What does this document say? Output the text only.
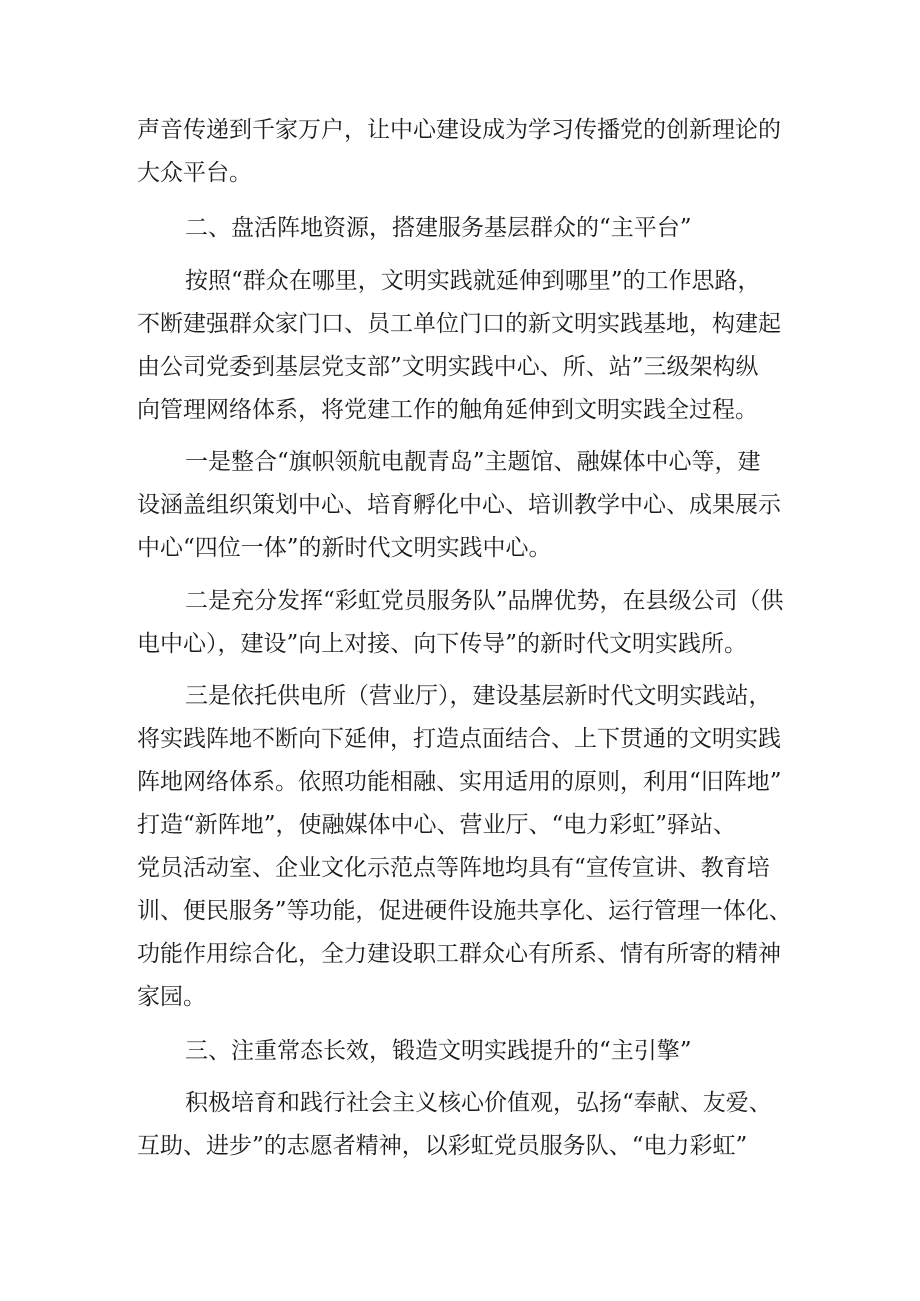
声音传递到千家万户，让中心建设成为学习传播党的创新理论的
大众平台。
二、盘活阵地资源，搭建服务基层群众的“主平台”
按照“群众在哪里，文明实践就延伸到哪里”的工作思路，
不断建强群众家门口、员工单位门口的新文明实践基地，构建起
由公司党委到基层党支部”文明实践中心、所、站”三级架构纵
向管理网络体系，将党建工作的触角延伸到文明实践全过程。
一是整合“旗帜领航电靓青岛”主题馆、融媒体中心等，建
设涵盖组织策划中心、培育孵化中心、培训教学中心、成果展示
中心“四位一体”的新时代文明实践中心。
二是充分发挥“彩虹党员服务队”品牌优势，在县级公司（供
电中心），建设”向上对接、向下传导”的新时代文明实践所。
三是依托供电所（营业厅），建设基层新时代文明实践站，
将实践阵地不断向下延伸，打造点面结合、上下贯通的文明实践
阵地网络体系。依照功能相融、实用适用的原则，利用“旧阵地”
打造“新阵地”，使融媒体中心、营业厅、“电力彩虹”驿站、
党员活动室、企业文化示范点等阵地均具有“宣传宣讲、教育培
训、便民服务”等功能，促进硬件设施共享化、运行管理一体化、
功能作用综合化，全力建设职工群众心有所系、情有所寄的精神
家园。
三、注重常态长效，锻造文明实践提升的“主引擎”
积极培育和践行社会主义核心价值观，弘扬“奉献、友爱、
互助、进步”的志愿者精神，以彩虹党员服务队、“电力彩虹”
